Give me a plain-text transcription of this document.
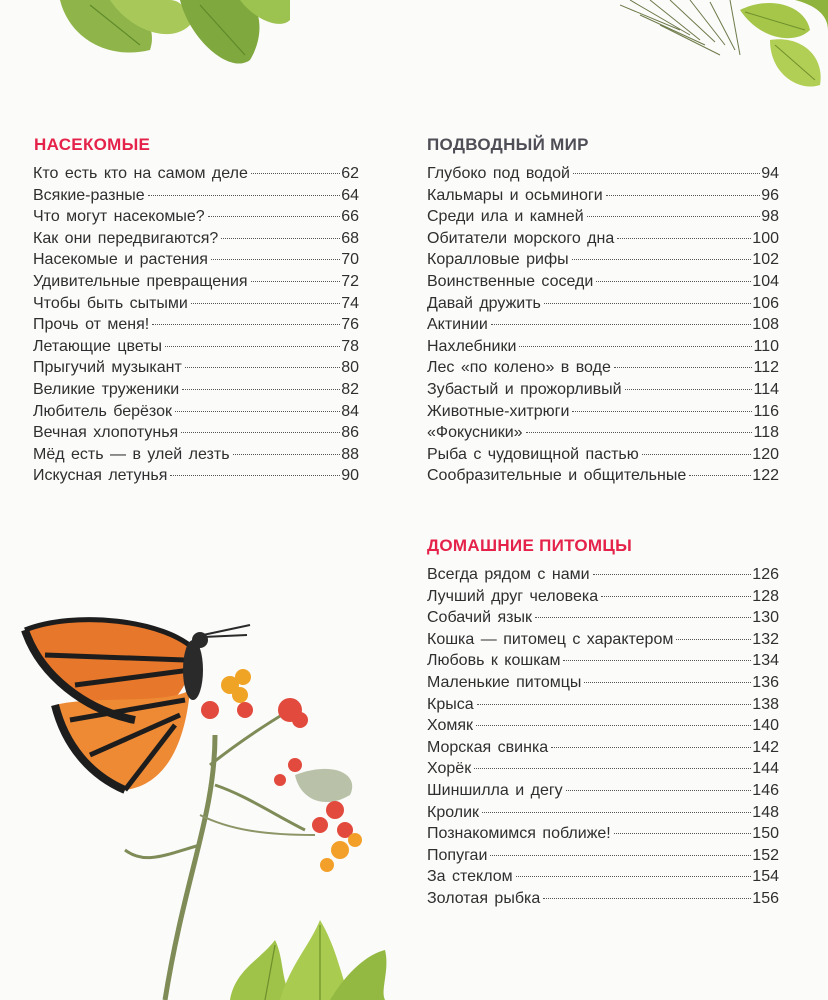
НАСЕКОМЫЕ
Кто есть кто на самом деле	62
Всякие-разные	64
Что могут насекомые?	66
Как они передвигаются?	68
Насекомые и растения	70
Удивительные превращения	72
Чтобы быть сытыми	74
Прочь от меня!	76
Летающие цветы	78
Прыгучий музыкант	80
Великие труженики	82
Любитель берёзок	84
Вечная хлопотунья	86
Мёд есть — в улей лезть	88
Искусная летунья	90
ПОДВОДНЫЙ МИР
Глубоко под водой	94
Кальмары и осьминоги	96
Среди ила и камней	98
Обитатели морского дна	100
Коралловые рифы	102
Воинственные соседи	104
Давай дружить	106
Актинии	108
Нахлебники	110
Лес «по колено» в воде	112
Зубастый и прожорливый	114
Животные-хитрюги	116
«Фокусники»	118
Рыба с чудовищной пастью	120
Сообразительные и общительные	122
ДОМАШНИЕ ПИТОМЦЫ
Всегда рядом с нами	126
Лучший друг человека	128
Собачий язык	130
Кошка — питомец с характером	132
Любовь к кошкам	134
Маленькие питомцы	136
Крыса	138
Хомяк	140
Морская свинка	142
Хорёк	144
Шиншилла и дегу	146
Кролик	148
Познакомимся поближе!	150
Попугаи	152
За стеклом	154
Золотая рыбка	156
